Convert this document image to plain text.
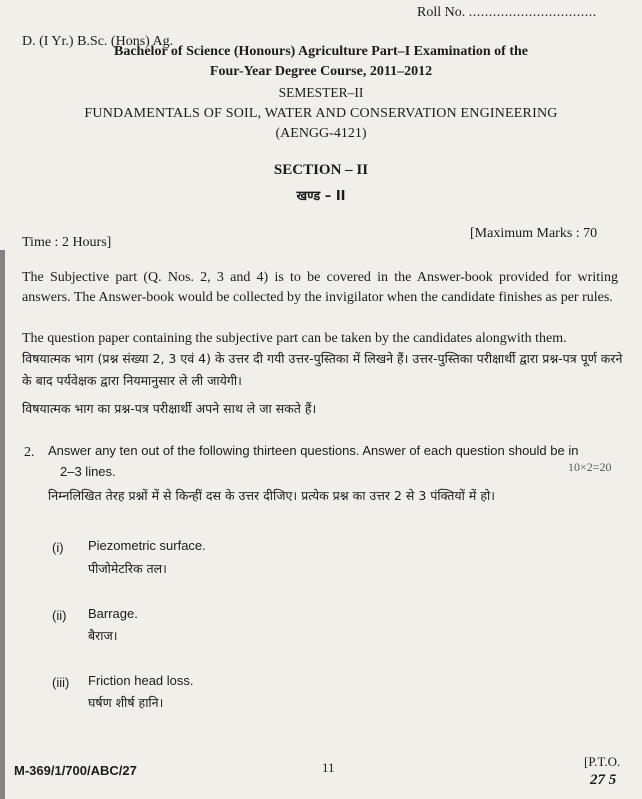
Roll No. ................................
D. (I Yr.) B.Sc. (Hons) Ag.
Bachelor of Science (Honours) Agriculture Part–I Examination of the
Four-Year Degree Course, 2011–2012
SEMESTER–II
FUNDAMENTALS OF SOIL, WATER AND CONSERVATION ENGINEERING
(AENGG-4121)
SECTION – II
खण्ड – II
Time : 2 Hours]
[Maximum Marks : 70
The Subjective part (Q. Nos. 2, 3 and 4) is to be covered in the Answer-book provided for writing answers. The Answer-book would be collected by the invigilator when the candidate finishes as per rules.
The question paper containing the subjective part can be taken by the candidates alongwith them.
विषयात्मक भाग (प्रश्न संख्या 2, 3 एवं 4) के उत्तर दी गयी उत्तर-पुस्तिका में लिखने हैं। उत्तर-पुस्तिका परीक्षार्थी द्वारा प्रश्न-पत्र पूर्ण करने के बाद पर्यवेक्षक द्वारा नियमानुसार ले ली जायेगी।
विषयात्मक भाग का प्रश्न-पत्र परीक्षार्थी अपने साथ ले जा सकते हैं।
2. Answer any ten out of the following thirteen questions. Answer of each question should be in
2–3 lines.	10×2=20
निम्नलिखित तेरह प्रश्नों में से किन्हीं दस के उत्तर दीजिए। प्रत्येक प्रश्न का उत्तर 2 से 3 पंक्तियों में हो।
(i) Piezometric surface.
पीजोमेटरिक तल।
(ii) Barrage.
बैराज।
(iii) Friction head loss.
घर्षण शीर्ष हानि।
M-369/1/700/ABC/27	11	[P.T.O.
27 5
